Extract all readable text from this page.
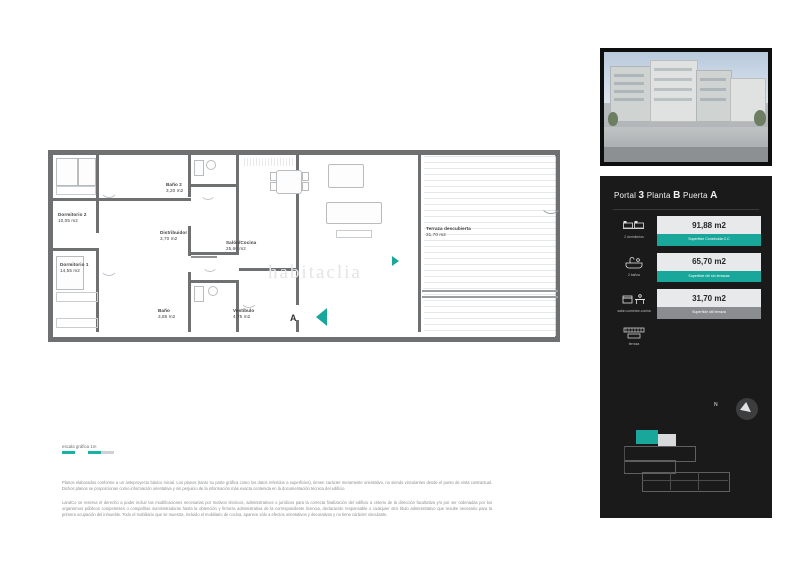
Dormitorio 2
10,05 m2
Baño 2
3,20 m2
Distribuidor
3,70 m2
Dormitorio 1
14,55 m2
Baño
3,85 m2
Vestíbulo
4,75 m2
Salón/Cocina
25,60 m2
Terraza descubierta
31,70 m2
A
habitaclia
escala gráfica 1m

Planos elaborados conforme a un anteproyecto básico inicial. Los planos (tanto su parte gráfica como los datos referidos a superficies), tienen carácter meramente orientativo, no siendo vinculantes desde el punto de vista contractual. Dichos planos se proporcionan como información orientativa y sin perjuicio de la información más exacta contenida en la documentación técnica del edificio.

LandCo se reserva el derecho a poder incluir las modificaciones necesarias por motivos técnicos, administrativos o jurídicos para la correcta finalización del edificio a criterio de la dirección facultativa y/o por ser ordenadas por los organismos públicos competentes o compañías suministradoras hasta la obtención y firmeza administrativa de la correspondiente licencia, declaración responsable o cualquier otro título administrativo que resulte necesario para la primera ocupación del inmueble. Todo el mobiliario que se muestra, incluido el mobiliario de cocina, aparece sólo a efectos orientativos y decorativos y no tiene carácter vinculante.

Portal 3 Planta B Puerta A
2 dormitorios
91,88 m2
Superficie Construida C.C
2 baños
65,70 m2
Superficie útil sin terrazas
salón-comedor-cocina
31,70 m2
Superficie útil terraza
terraza
N
